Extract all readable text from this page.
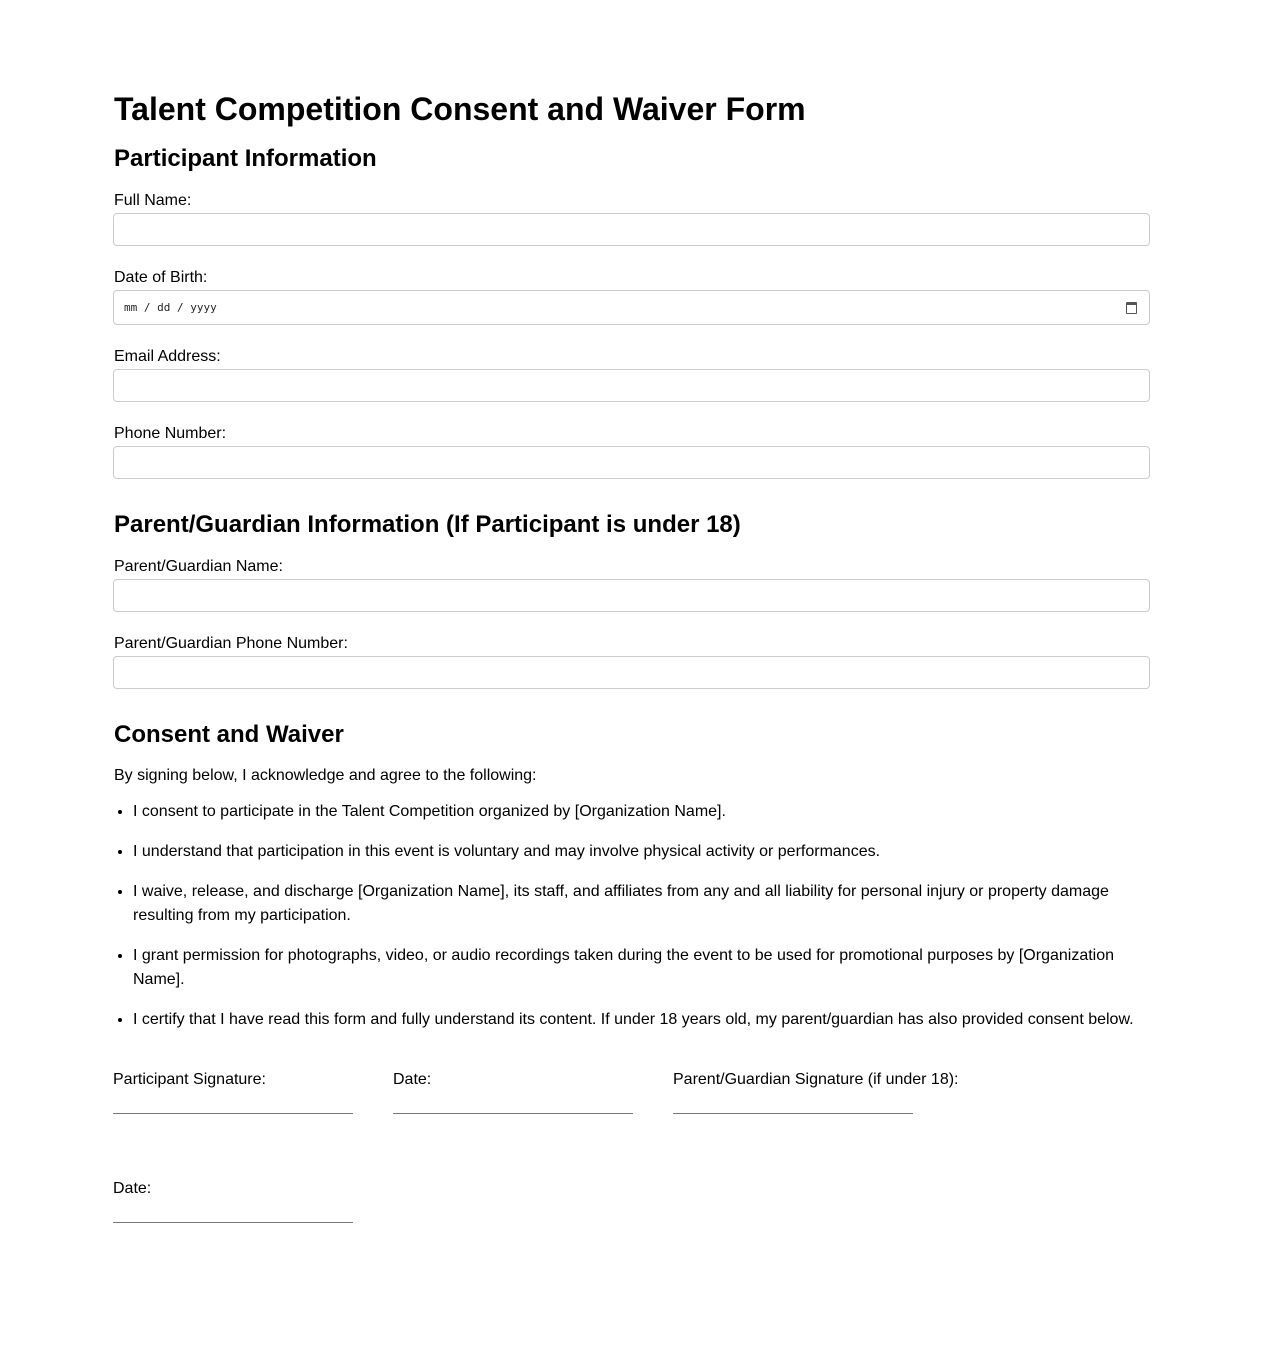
Talent Competition Consent and Waiver Form
Participant Information
Full Name:
Date of Birth:
mm / dd / yyyy
Email Address:
Phone Number:
Parent/Guardian Information (If Participant is under 18)
Parent/Guardian Name:
Parent/Guardian Phone Number:
Consent and Waiver

By signing below, I acknowledge and agree to the following:

• I consent to participate in the Talent Competition organized by [Organization Name].
• I understand that participation in this event is voluntary and may involve physical activity or performances.
• I waive, release, and discharge [Organization Name], its staff, and affiliates from any and all liability for personal injury or property damage resulting from my participation.
• I grant permission for photographs, video, or audio recordings taken during the event to be used for promotional purposes by [Organization Name].
• I certify that I have read this form and fully understand its content. If under 18 years old, my parent/guardian has also provided consent below.
Participant Signature:	Date:	Parent/Guardian Signature (if under 18):
Date:
